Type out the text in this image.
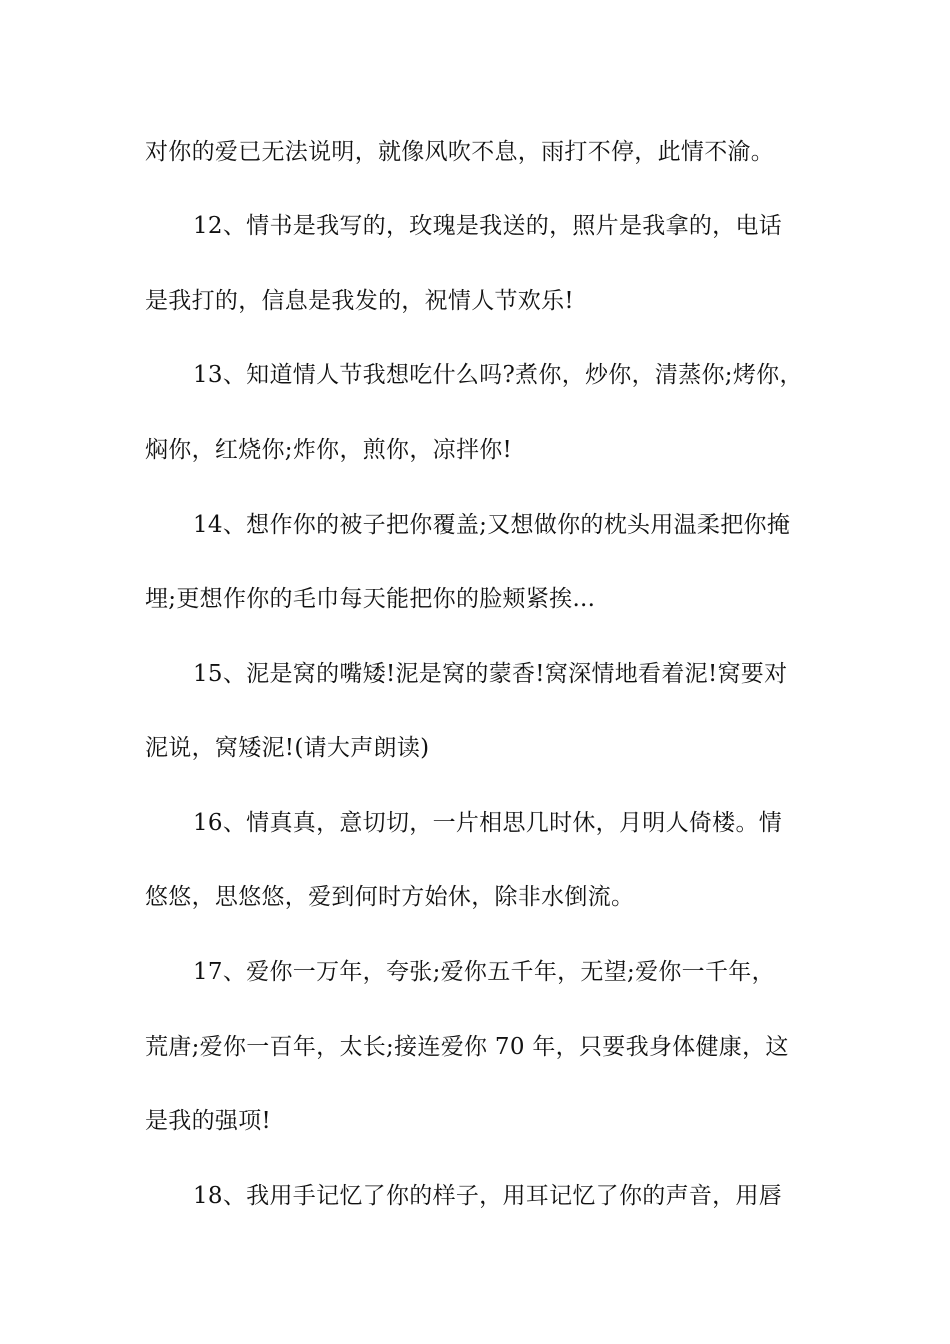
对你的爱已无法说明，就像风吹不息，雨打不停，此情不渝。
12、情书是我写的，玫瑰是我送的，照片是我拿的，电话
是我打的，信息是我发的，祝情人节欢乐!
13、知道情人节我想吃什么吗?煮你，炒你，清蒸你;烤你，
焖你，红烧你;炸你，煎你，凉拌你!
14、想作你的被子把你覆盖;又想做你的枕头用温柔把你掩
埋;更想作你的毛巾每天能把你的脸颊紧挨...
15、泥是窝的嘴矮!泥是窝的蒙香!窝深情地看着泥!窝要对
泥说，窝矮泥!(请大声朗读)
16、情真真，意切切，一片相思几时休，月明人倚楼。情
悠悠，思悠悠，爱到何时方始休，除非水倒流。
17、爱你一万年，夸张;爱你五千年，无望;爱你一千年，
荒唐;爱你一百年，太长;接连爱你 70 年，只要我身体健康，这
是我的强项!
18、我用手记忆了你的样子，用耳记忆了你的声音，用唇
